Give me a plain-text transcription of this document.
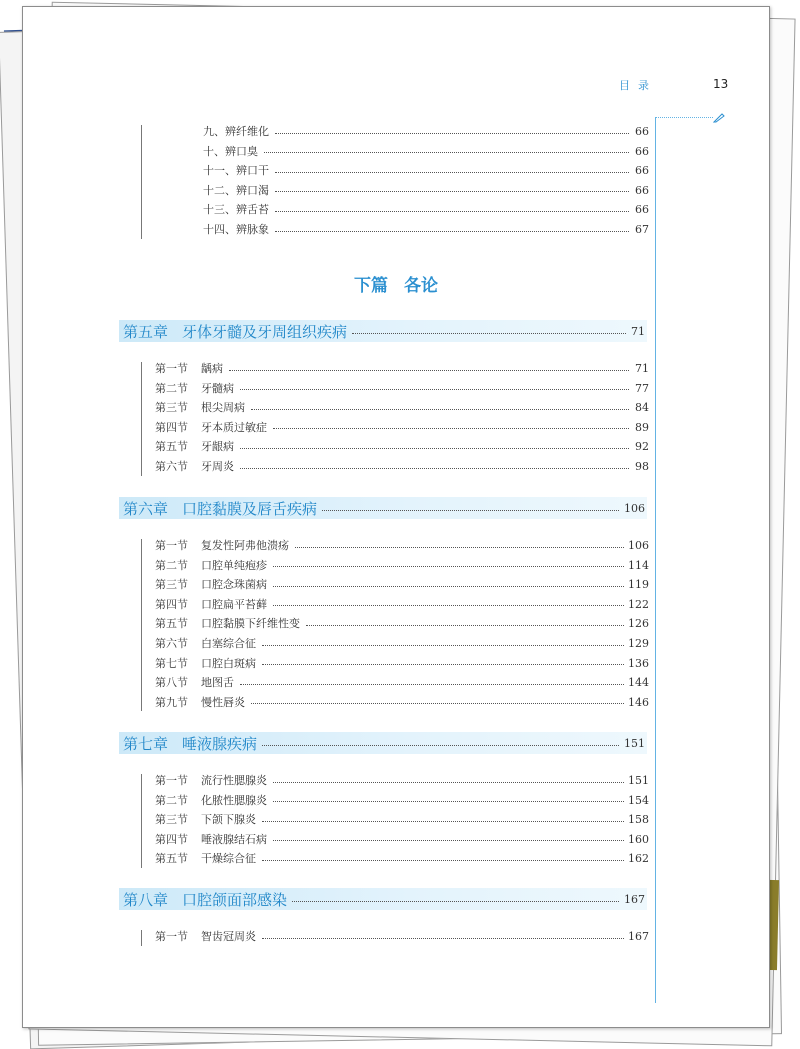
目录	13
九、辨纤维化	66
十、辨口臭	66
十一、辨口干	66
十二、辨口渴	66
十三、辨舌苔	66
十四、辨脉象	67
第五章 牙体牙髓及牙周组织疾病	71
第一节 龋病	71
第二节 牙髓病	77
第三节 根尖周病	84
第四节 牙本质过敏症	89
第五节 牙龈病	92
第六节 牙周炎	98
第六章 口腔黏膜及唇舌疾病	106
第一节 复发性阿弗他溃疡	106
第二节 口腔单纯疱疹	114
第三节 口腔念珠菌病	119
第四节 口腔扁平苔藓	122
第五节 口腔黏膜下纤维性变	126
第六节 白塞综合征	129
第七节 口腔白斑病	136
第八节 地图舌	144
第九节 慢性唇炎	146
第七章 唾液腺疾病	151
第一节 流行性腮腺炎	151
第二节 化脓性腮腺炎	154
第三节 下颌下腺炎	158
第四节 唾液腺结石病	160
第五节 干燥综合征	162
第八章 口腔颌面部感染	167
第一节 智齿冠周炎	167
下篇 各论
